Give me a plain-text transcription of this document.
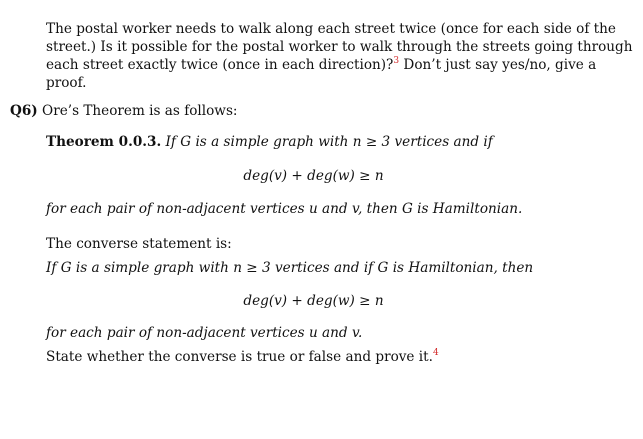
The postal worker needs to walk along each street twice (once for each side of the
street.) Is it possible for the postal worker to walk through the streets going through
each street exactly twice (once in each direction)?$^3$ Don’t just say yes/no, give a
proof.
Q6) Ore’s Theorem is as follows:
Theorem 0.0.3. If G is a simple graph with n ≥ 3 vertices and if
deg(v) + deg(w) ≥ n
for each pair of non-adjacent vertices u and v, then G is Hamiltonian.
The converse statement is:
If G is a simple graph with n ≥ 3 vertices and if G is Hamiltonian, then
deg(v) + deg(w) ≥ n
for each pair of non-adjacent vertices u and v.
State whether the converse is true or false and prove it.$^4$
